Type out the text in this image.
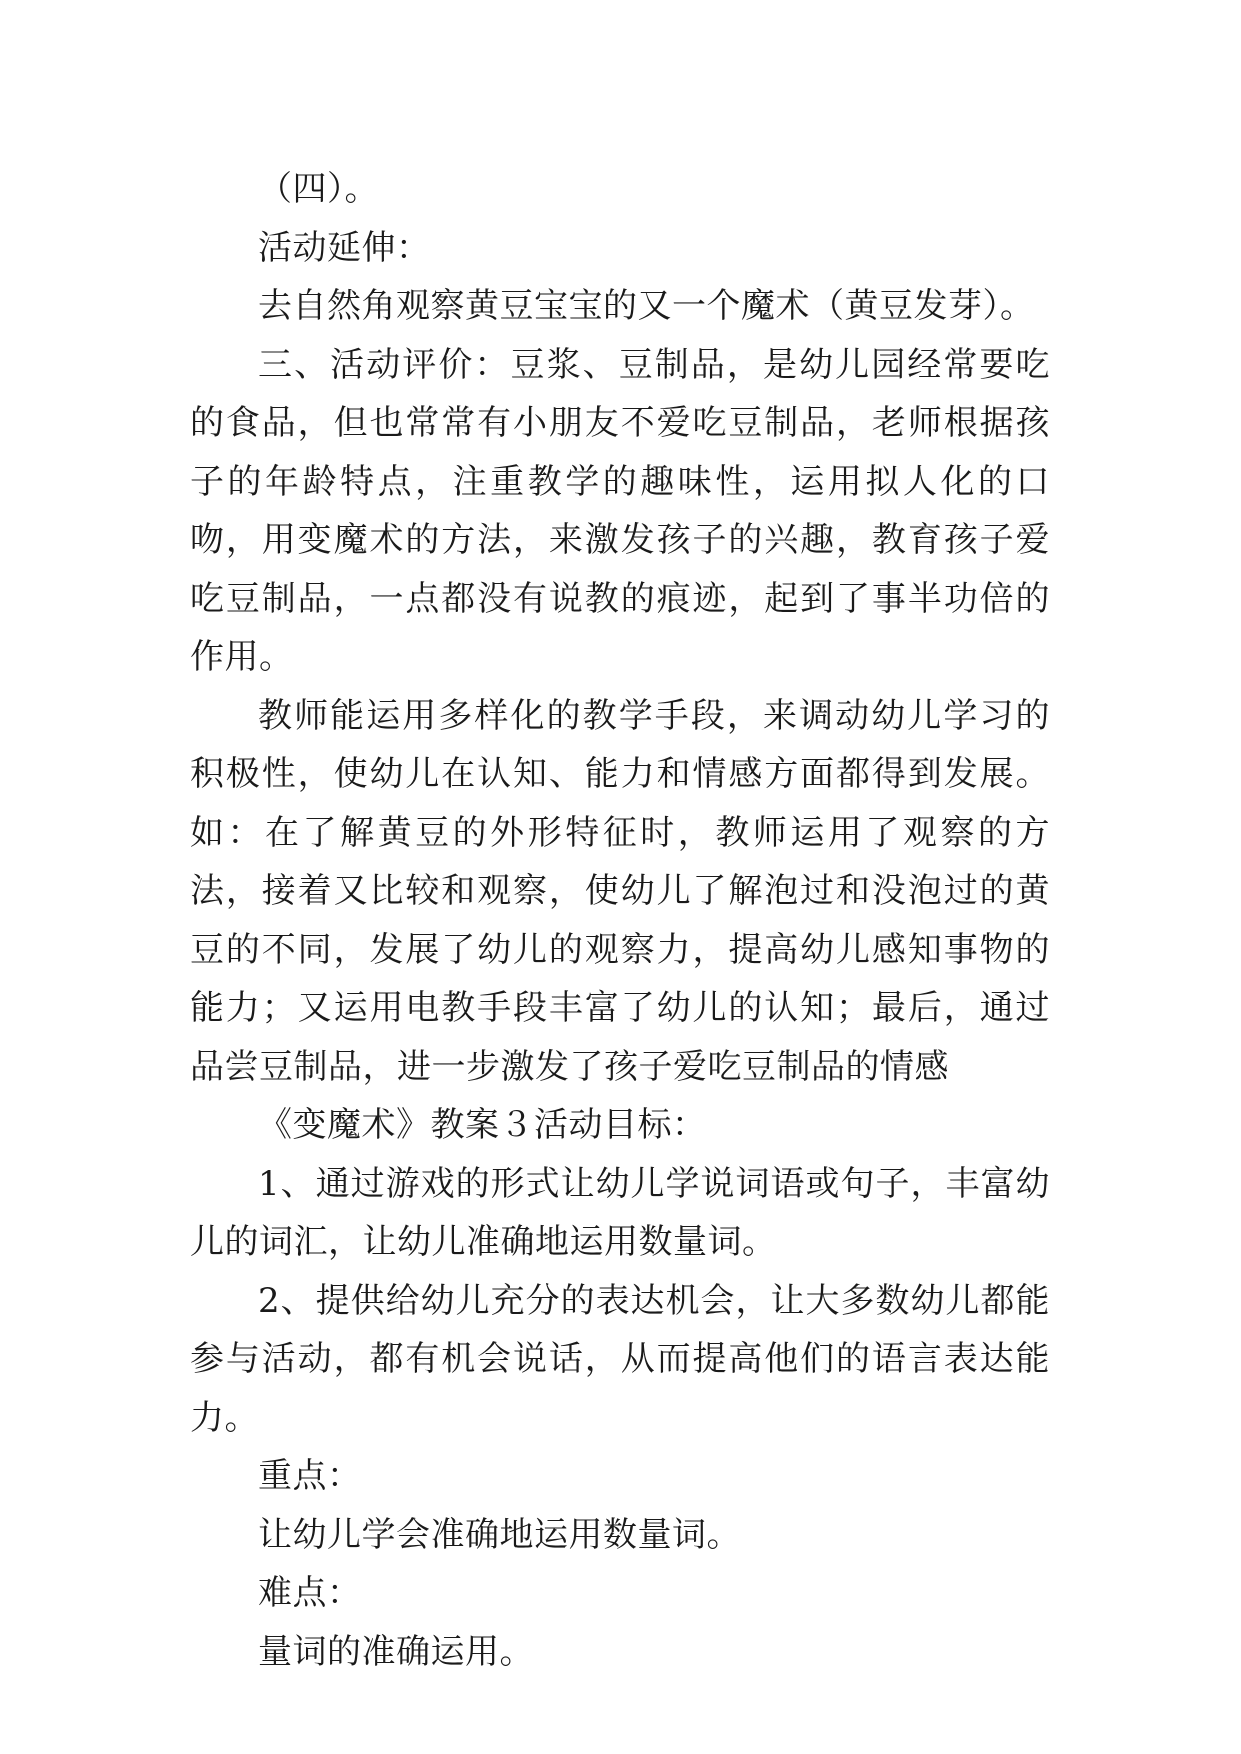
（四）。

活动延伸：

去自然角观察黄豆宝宝的又一个魔术（黄豆发芽）。

三、活动评价：豆浆、豆制品，是幼儿园经常要吃的食品，但也常常有小朋友不爱吃豆制品，老师根据孩子的年龄特点，注重教学的趣味性，运用拟人化的口吻，用变魔术的方法，来激发孩子的兴趣，教育孩子爱吃豆制品，一点都没有说教的痕迹，起到了事半功倍的作用。

教师能运用多样化的教学手段，来调动幼儿学习的积极性，使幼儿在认知、能力和情感方面都得到发展。如：在了解黄豆的外形特征时，教师运用了观察的方法，接着又比较和观察，使幼儿了解泡过和没泡过的黄豆的不同，发展了幼儿的观察力，提高幼儿感知事物的能力；又运用电教手段丰富了幼儿的认知；最后，通过品尝豆制品，进一步激发了孩子爱吃豆制品的情感

《变魔术》教案３活动目标：

1、通过游戏的形式让幼儿学说词语或句子，丰富幼儿的词汇，让幼儿准确地运用数量词。

2、提供给幼儿充分的表达机会，让大多数幼儿都能参与活动，都有机会说话，从而提高他们的语言表达能力。

重点：

让幼儿学会准确地运用数量词。

难点：

量词的准确运用。
